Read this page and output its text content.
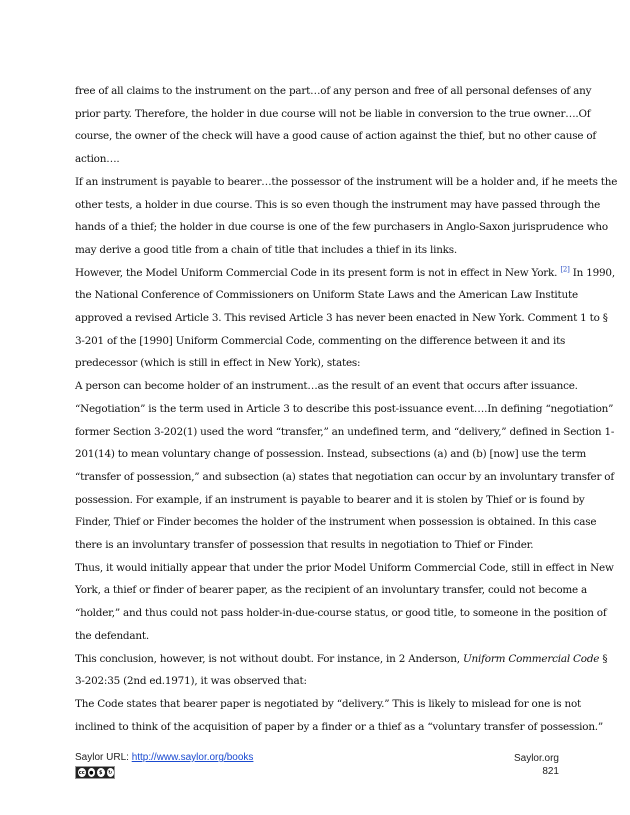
free of all claims to the instrument on the part…of any person and free of all personal defenses of any
prior party. Therefore, the holder in due course will not be liable in conversion to the true owner….Of
course, the owner of the check will have a good cause of action against the thief, but no other cause of
action….

If an instrument is payable to bearer…the possessor of the instrument will be a holder and, if he meets the
other tests, a holder in due course. This is so even though the instrument may have passed through the
hands of a thief; the holder in due course is one of the few purchasers in Anglo-Saxon jurisprudence who
may derive a good title from a chain of title that includes a thief in its links.

However, the Model Uniform Commercial Code in its present form is not in effect in New York. [2] In 1990,
the National Conference of Commissioners on Uniform State Laws and the American Law Institute
approved a revised Article 3. This revised Article 3 has never been enacted in New York. Comment 1 to §
3-201 of the [1990] Uniform Commercial Code, commenting on the difference between it and its
predecessor (which is still in effect in New York), states:

A person can become holder of an instrument…as the result of an event that occurs after issuance.
“Negotiation” is the term used in Article 3 to describe this post-issuance event….In defining “negotiation”
former Section 3-202(1) used the word “transfer,” an undefined term, and “delivery,” defined in Section 1-
201(14) to mean voluntary change of possession. Instead, subsections (a) and (b) [now] use the term
“transfer of possession,” and subsection (a) states that negotiation can occur by an involuntary transfer of
possession. For example, if an instrument is payable to bearer and it is stolen by Thief or is found by
Finder, Thief or Finder becomes the holder of the instrument when possession is obtained. In this case
there is an involuntary transfer of possession that results in negotiation to Thief or Finder.

Thus, it would initially appear that under the prior Model Uniform Commercial Code, still in effect in New
York, a thief or finder of bearer paper, as the recipient of an involuntary transfer, could not become a
“holder,” and thus could not pass holder-in-due-course status, or good title, to someone in the position of
the defendant.

This conclusion, however, is not without doubt. For instance, in 2 Anderson, Uniform Commercial Code §
3-202:35 (2nd ed.1971), it was observed that:

The Code states that bearer paper is negotiated by “delivery.” This is likely to mislead for one is not
inclined to think of the acquisition of paper by a finder or a thief as a “voluntary transfer of possession.”

Saylor URL: http://www.saylor.org/books
cc ●	$	↻
Saylor.org
821
